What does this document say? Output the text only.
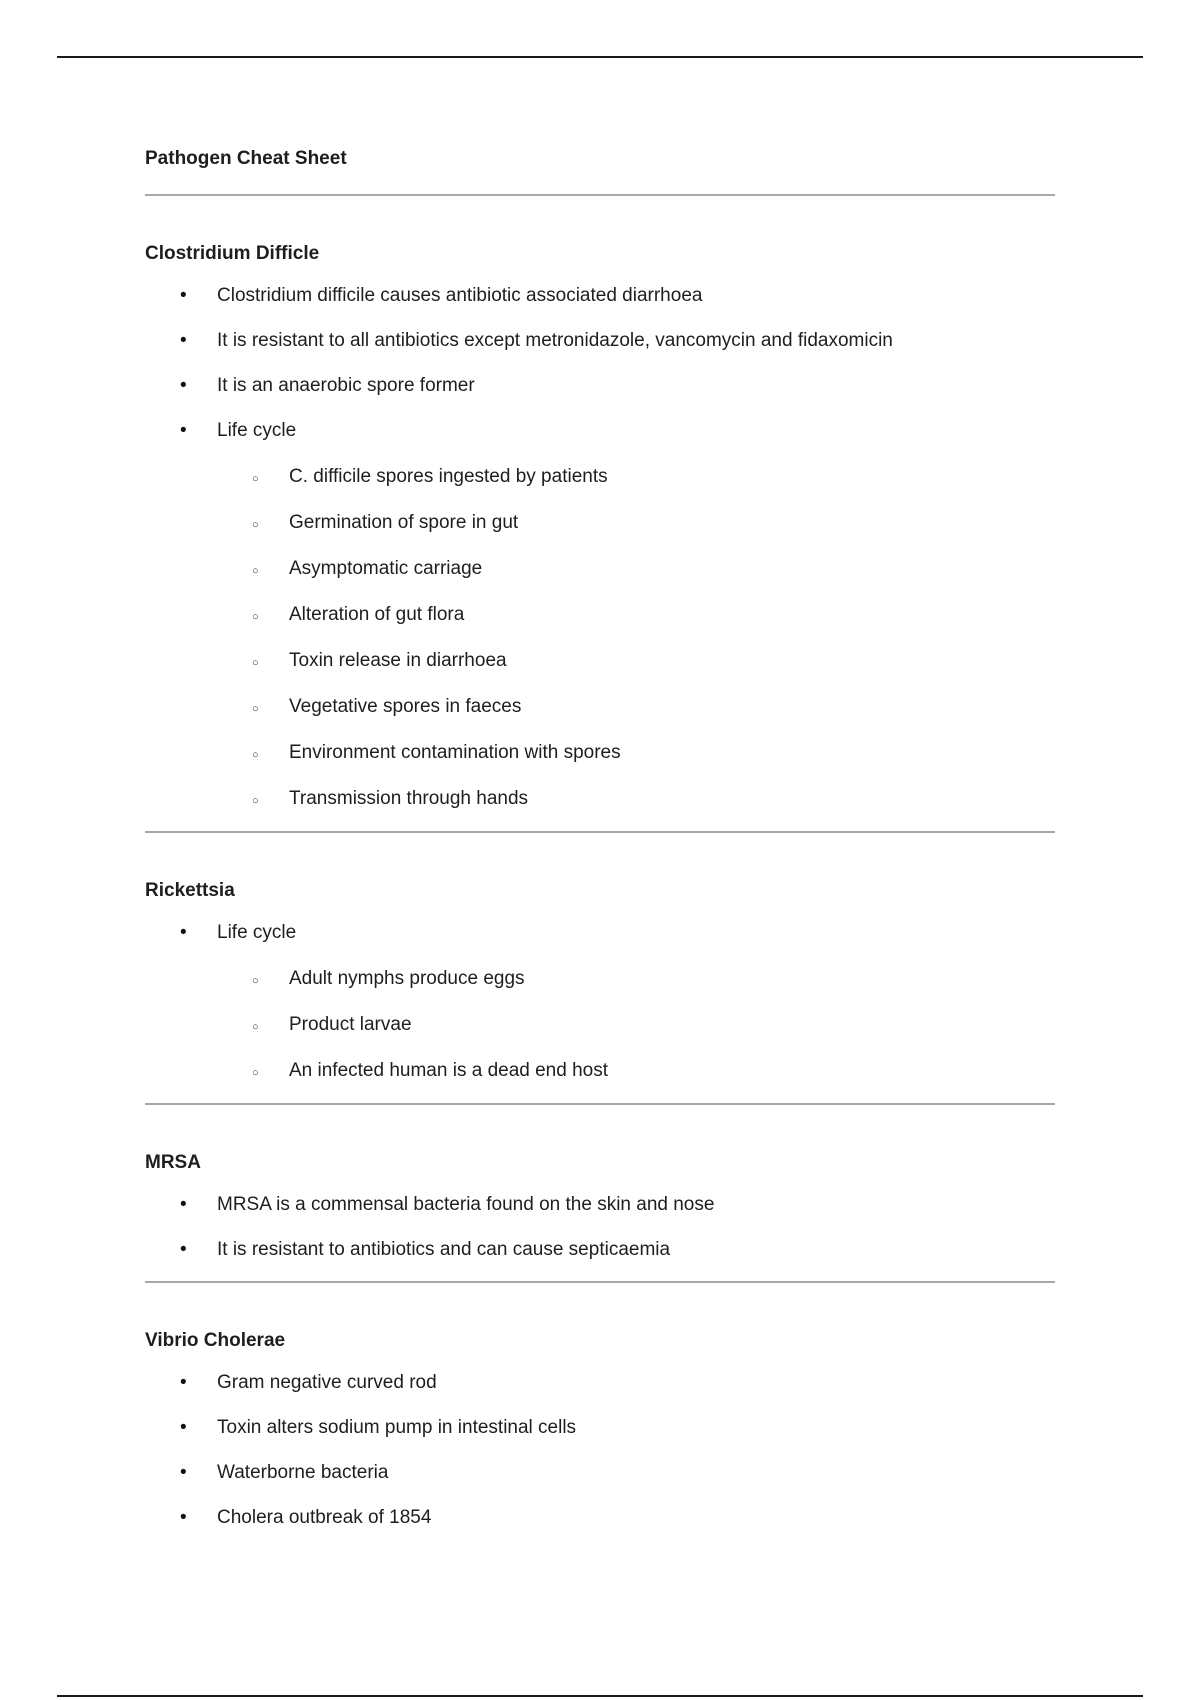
Pathogen Cheat Sheet
Clostridium Difficle
• Clostridium difficile causes antibiotic associated diarrhoea
• It is resistant to all antibiotics except metronidazole, vancomycin and fidaxomicin
• It is an anaerobic spore former
• Life cycle
○ C. difficile spores ingested by patients
○ Germination of spore in gut
○ Asymptomatic carriage
○ Alteration of gut flora
○ Toxin release in diarrhoea
○ Vegetative spores in faeces
○ Environment contamination with spores
○ Transmission through hands
Rickettsia
• Life cycle
○ Adult nymphs produce eggs
○ Product larvae
○ An infected human is a dead end host
MRSA
• MRSA is a commensal bacteria found on the skin and nose
• It is resistant to antibiotics and can cause septicaemia
Vibrio Cholerae
• Gram negative curved rod
• Toxin alters sodium pump in intestinal cells
• Waterborne bacteria
• Cholera outbreak of 1854
